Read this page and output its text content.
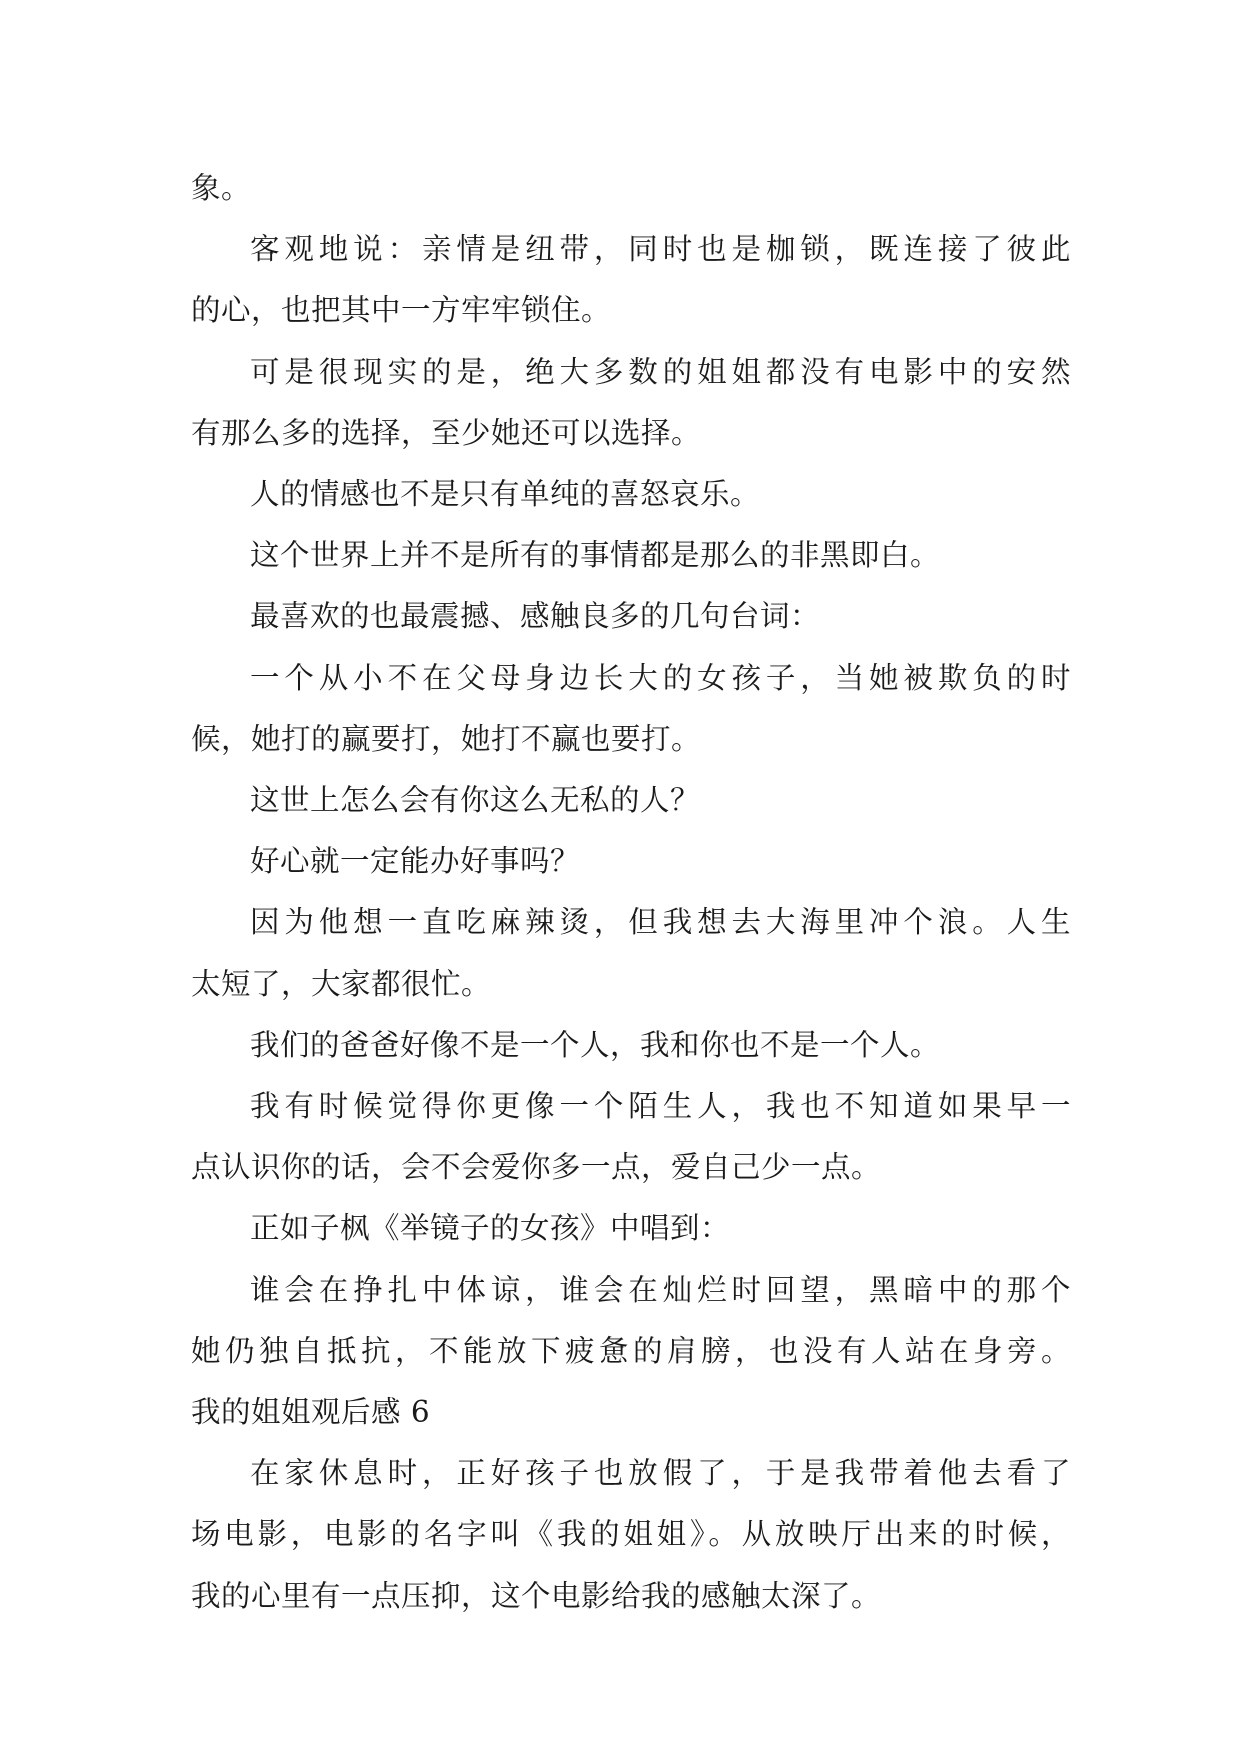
象。

客观地说：亲情是纽带，同时也是枷锁，既连接了彼此
的心，也把其中一方牢牢锁住。

可是很现实的是，绝大多数的姐姐都没有电影中的安然
有那么多的选择，至少她还可以选择。

人的情感也不是只有单纯的喜怒哀乐。

这个世界上并不是所有的事情都是那么的非黑即白。

最喜欢的也最震撼、感触良多的几句台词：

一个从小不在父母身边长大的女孩子，当她被欺负的时
候，她打的赢要打，她打不赢也要打。

这世上怎么会有你这么无私的人？

好心就一定能办好事吗？

因为他想一直吃麻辣烫，但我想去大海里冲个浪。人生
太短了，大家都很忙。

我们的爸爸好像不是一个人，我和你也不是一个人。

我有时候觉得你更像一个陌生人，我也不知道如果早一
点认识你的话，会不会爱你多一点，爱自己少一点。

正如子枫《举镜子的女孩》中唱到：

谁会在挣扎中体谅，谁会在灿烂时回望，黑暗中的那个
她仍独自抵抗，不能放下疲惫的肩膀，也没有人站在身旁。

我的姐姐观后感 6

在家休息时，正好孩子也放假了，于是我带着他去看了
场电影，电影的名字叫《我的姐姐》。从放映厅出来的时候，
我的心里有一点压抑，这个电影给我的感触太深了。
